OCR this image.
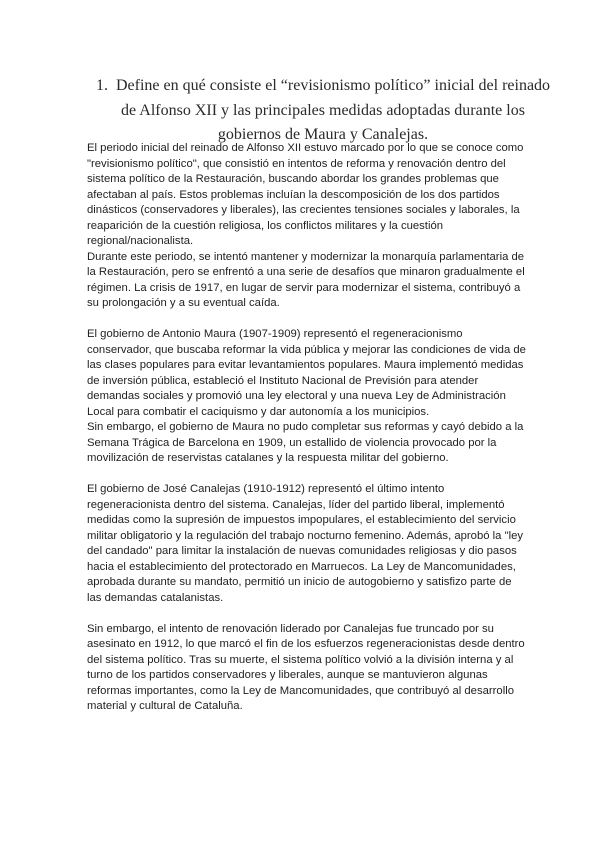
1. Define en qué consiste el “revisionismo político” inicial del reinado de Alfonso XII y las principales medidas adoptadas durante los gobiernos de Maura y Canalejas.

El periodo inicial del reinado de Alfonso XII estuvo marcado por lo que se conoce como "revisionismo político", que consistió en intentos de reforma y renovación dentro del sistema político de la Restauración, buscando abordar los grandes problemas que afectaban al país. Estos problemas incluían la descomposición de los dos partidos dinásticos (conservadores y liberales), las crecientes tensiones sociales y laborales, la reaparición de la cuestión religiosa, los conflictos militares y la cuestión regional/nacionalista.

Durante este periodo, se intentó mantener y modernizar la monarquía parlamentaria de la Restauración, pero se enfrentó a una serie de desafíos que minaron gradualmente el régimen. La crisis de 1917, en lugar de servir para modernizar el sistema, contribuyó a su prolongación y a su eventual caída.

El gobierno de Antonio Maura (1907-1909) representó el regeneracionismo conservador, que buscaba reformar la vida pública y mejorar las condiciones de vida de las clases populares para evitar levantamientos populares. Maura implementó medidas de inversión pública, estableció el Instituto Nacional de Previsión para atender demandas sociales y promovió una ley electoral y una nueva Ley de Administración Local para combatir el caciquismo y dar autonomía a los municipios.

Sin embargo, el gobierno de Maura no pudo completar sus reformas y cayó debido a la Semana Trágica de Barcelona en 1909, un estallido de violencia provocado por la movilización de reservistas catalanes y la respuesta militar del gobierno.

El gobierno de José Canalejas (1910-1912) representó el último intento regeneracionista dentro del sistema. Canalejas, líder del partido liberal, implementó medidas como la supresión de impuestos impopulares, el establecimiento del servicio militar obligatorio y la regulación del trabajo nocturno femenino. Además, aprobó la "ley del candado" para limitar la instalación de nuevas comunidades religiosas y dio pasos hacia el establecimiento del protectorado en Marruecos. La Ley de Mancomunidades, aprobada durante su mandato, permitió un inicio de autogobierno y satisfizo parte de las demandas catalanistas.

Sin embargo, el intento de renovación liderado por Canalejas fue truncado por su asesinato en 1912, lo que marcó el fin de los esfuerzos regeneracionistas desde dentro del sistema político. Tras su muerte, el sistema político volvió a la división interna y al turno de los partidos conservadores y liberales, aunque se mantuvieron algunas reformas importantes, como la Ley de Mancomunidades, que contribuyó al desarrollo material y cultural de Cataluña.
